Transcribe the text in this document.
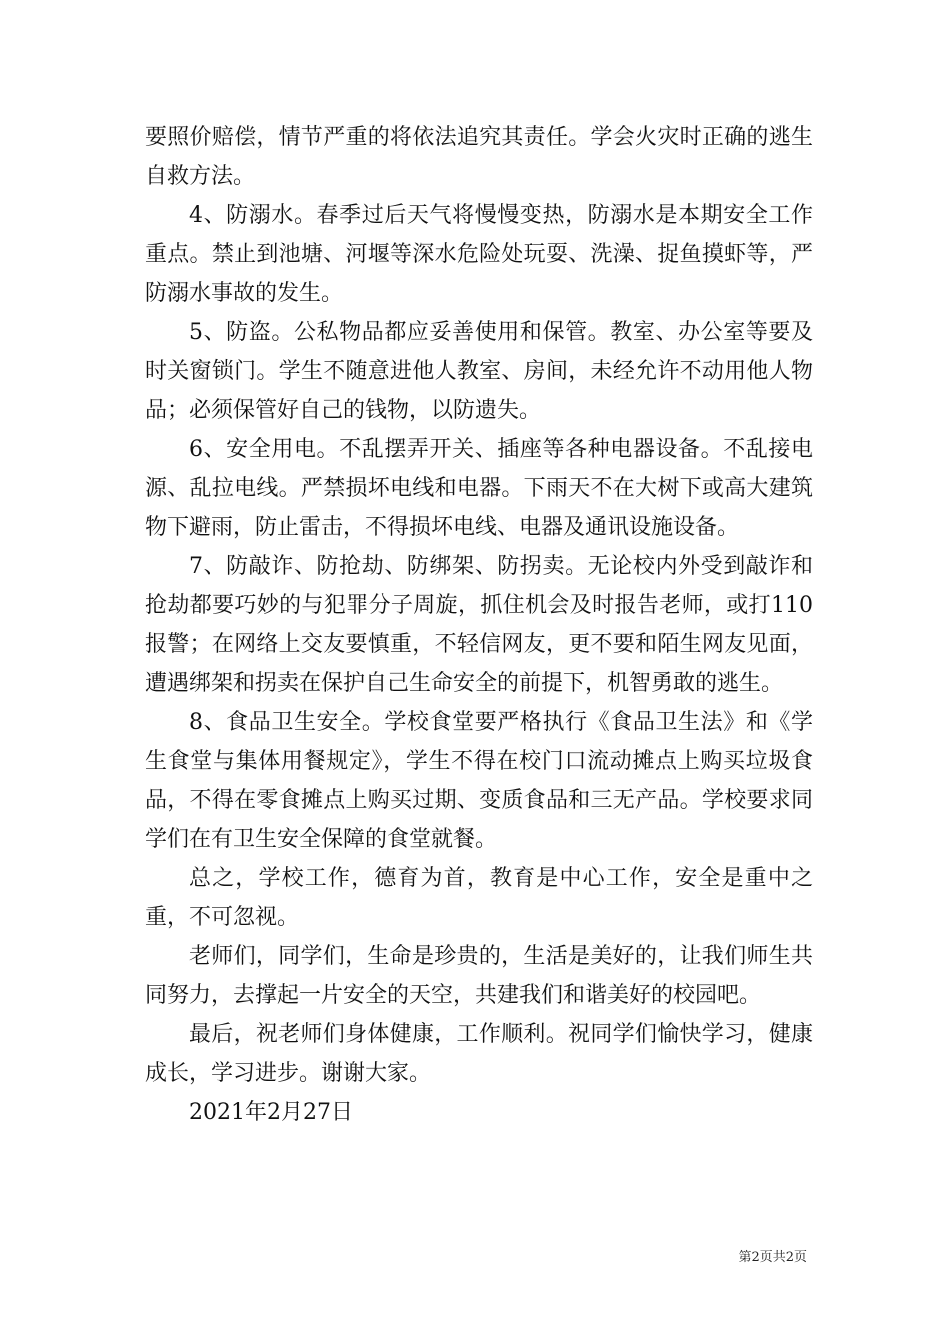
要照价赔偿，情节严重的将依法追究其责任。学会火灾时正确的逃生自救方法。

4、防溺水。春季过后天气将慢慢变热，防溺水是本期安全工作重点。禁止到池塘、河堰等深水危险处玩耍、洗澡、捉鱼摸虾等，严防溺水事故的发生。

5、防盗。公私物品都应妥善使用和保管。教室、办公室等要及时关窗锁门。学生不随意进他人教室、房间，未经允许不动用他人物品；必须保管好自己的钱物，以防遗失。

6、安全用电。不乱摆弄开关、插座等各种电器设备。不乱接电源、乱拉电线。严禁损坏电线和电器。下雨天不在大树下或高大建筑物下避雨，防止雷击，不得损坏电线、电器及通讯设施设备。

7、防敲诈、防抢劫、防绑架、防拐卖。无论校内外受到敲诈和抢劫都要巧妙的与犯罪分子周旋，抓住机会及时报告老师，或打110报警；在网络上交友要慎重，不轻信网友，更不要和陌生网友见面，遭遇绑架和拐卖在保护自己生命安全的前提下，机智勇敢的逃生。

8、食品卫生安全。学校食堂要严格执行《食品卫生法》和《学生食堂与集体用餐规定》，学生不得在校门口流动摊点上购买垃圾食品，不得在零食摊点上购买过期、变质食品和三无产品。学校要求同学们在有卫生安全保障的食堂就餐。

总之，学校工作，德育为首，教育是中心工作，安全是重中之重，不可忽视。

老师们，同学们，生命是珍贵的，生活是美好的，让我们师生共同努力，去撑起一片安全的天空，共建我们和谐美好的校园吧。

最后，祝老师们身体健康，工作顺利。祝同学们愉快学习，健康成长，学习进步。谢谢大家。

2021年2月27日

第2页共2页
